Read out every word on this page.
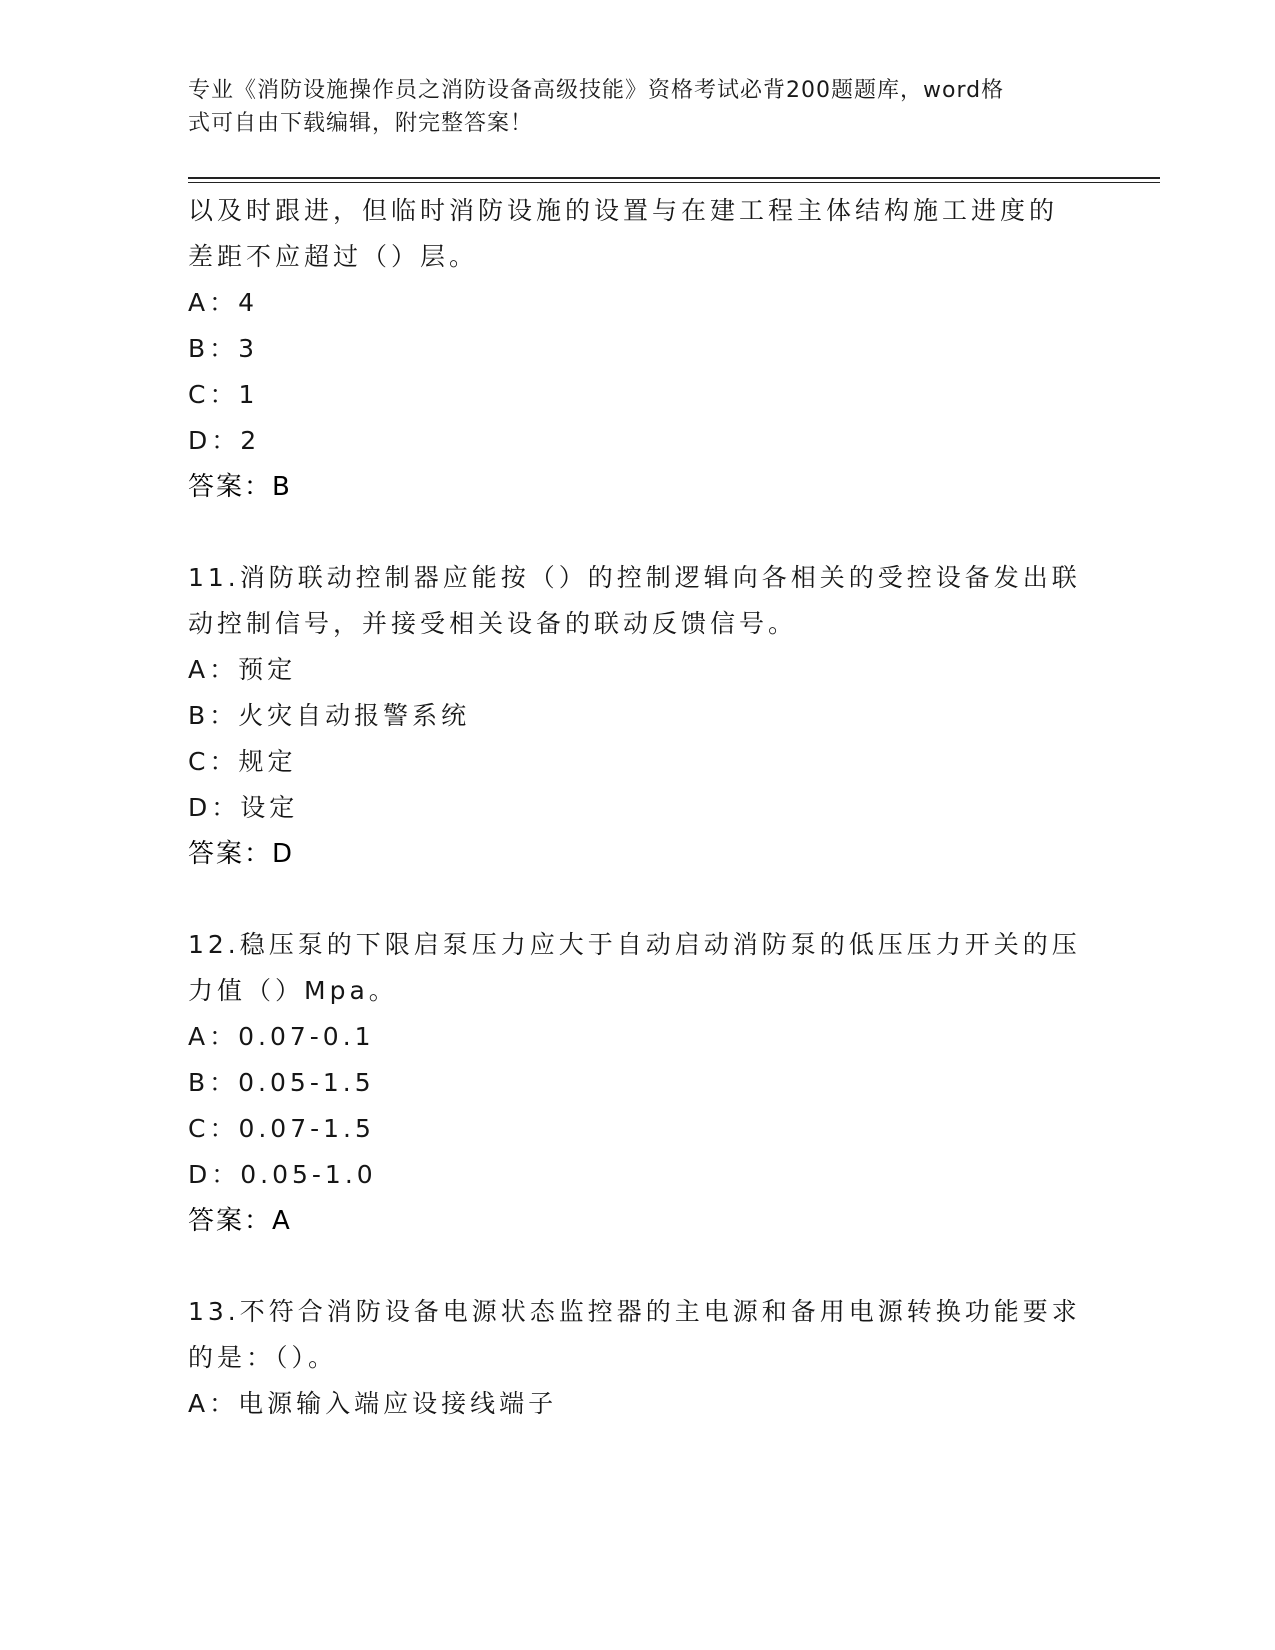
专业《消防设施操作员之消防设备高级技能》资格考试必背200题题库，word格
式可自由下载编辑，附完整答案！
以及时跟进，但临时消防设施的设置与在建工程主体结构施工进度的
差距不应超过（）层。
A：4
B：3
C：1
D：2
答案：B
11.消防联动控制器应能按（）的控制逻辑向各相关的受控设备发出联
动控制信号，并接受相关设备的联动反馈信号。
A：预定
B：火灾自动报警系统
C：规定
D：设定
答案：D
12.稳压泵的下限启泵压力应大于自动启动消防泵的低压压力开关的压
力值（）Mpa。
A：0.07-0.1
B：0.05-1.5
C：0.07-1.5
D：0.05-1.0
答案：A
13.不符合消防设备电源状态监控器的主电源和备用电源转换功能要求
的是：（）。
A：电源输入端应设接线端子
